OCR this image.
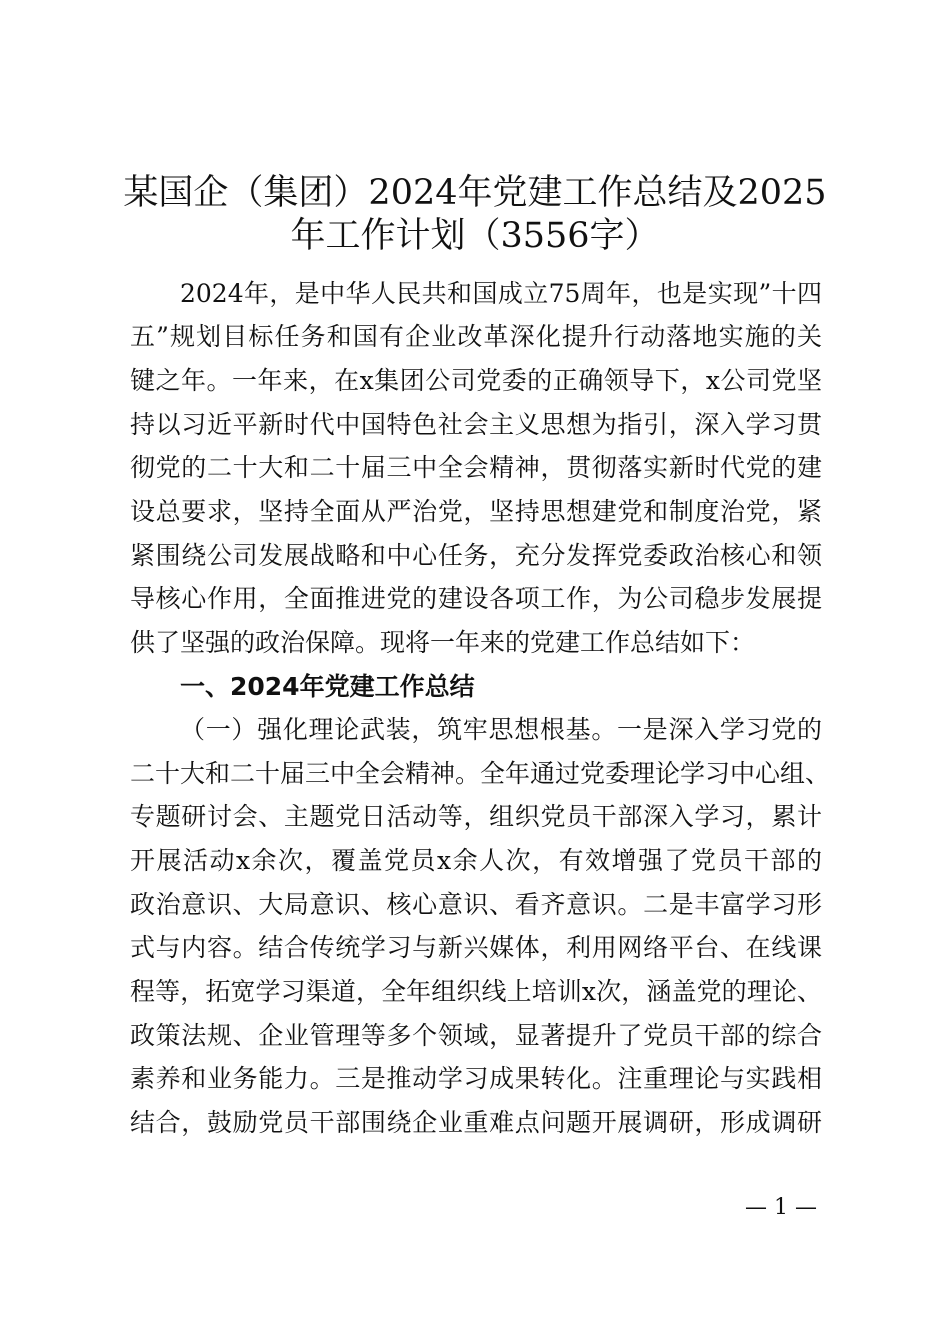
某国企（集团）2024年党建工作总结及2025
年工作计划（3556字）
2024年，是中华人民共和国成立75周年，也是实现”十四
五”规划目标任务和国有企业改革深化提升行动落地实施的关
键之年。一年来，在x集团公司党委的正确领导下，x公司党坚
持以习近平新时代中国特色社会主义思想为指引，深入学习贯
彻党的二十大和二十届三中全会精神，贯彻落实新时代党的建
设总要求，坚持全面从严治党，坚持思想建党和制度治党，紧
紧围绕公司发展战略和中心任务，充分发挥党委政治核心和领
导核心作用，全面推进党的建设各项工作，为公司稳步发展提
供了坚强的政治保障。现将一年来的党建工作总结如下：
一、2024年党建工作总结
（一）强化理论武装，筑牢思想根基。一是深入学习党的
二十大和二十届三中全会精神。全年通过党委理论学习中心组、
专题研讨会、主题党日活动等，组织党员干部深入学习，累计
开展活动x余次，覆盖党员x余人次，有效增强了党员干部的
政治意识、大局意识、核心意识、看齐意识。二是丰富学习形
式与内容。结合传统学习与新兴媒体，利用网络平台、在线课
程等，拓宽学习渠道，全年组织线上培训x次，涵盖党的理论、
政策法规、企业管理等多个领域，显著提升了党员干部的综合
素养和业务能力。三是推动学习成果转化。注重理论与实践相
结合，鼓励党员干部围绕企业重难点问题开展调研，形成调研
— 1 —
